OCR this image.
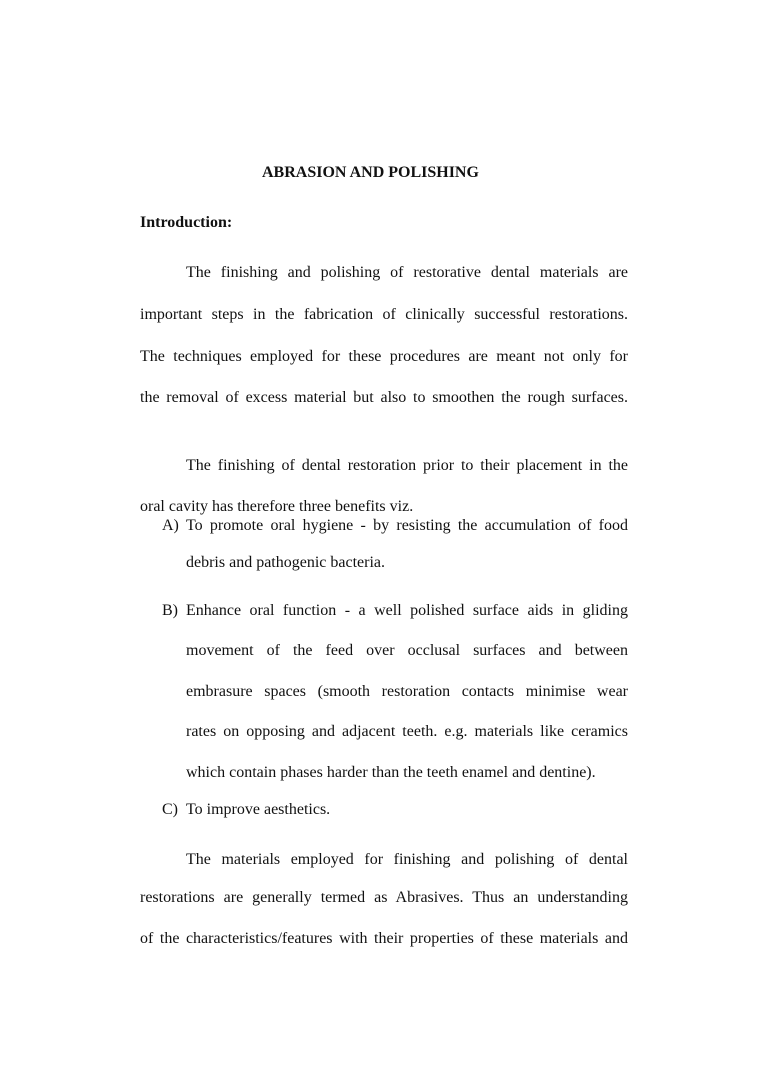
ABRASION AND POLISHING
Introduction:
The finishing and polishing of restorative dental materials are
important steps in the fabrication of clinically successful restorations.
The techniques employed for these procedures are meant not only for
the removal of excess material but also to smoothen the rough surfaces.
The finishing of dental restoration prior to their placement in the
oral cavity has therefore three benefits viz.
A) To promote oral hygiene - by resisting the accumulation of food
debris and pathogenic bacteria.
B) Enhance oral function - a well polished surface aids in gliding
movement of the feed over occlusal surfaces and between
embrasure spaces (smooth restoration contacts minimise wear
rates on opposing and adjacent teeth. e.g. materials like ceramics
which contain phases harder than the teeth enamel and dentine).
C) To improve aesthetics.
The materials employed for finishing and polishing of dental
restorations are generally termed as Abrasives. Thus an understanding
of the characteristics/features with their properties of these materials and
